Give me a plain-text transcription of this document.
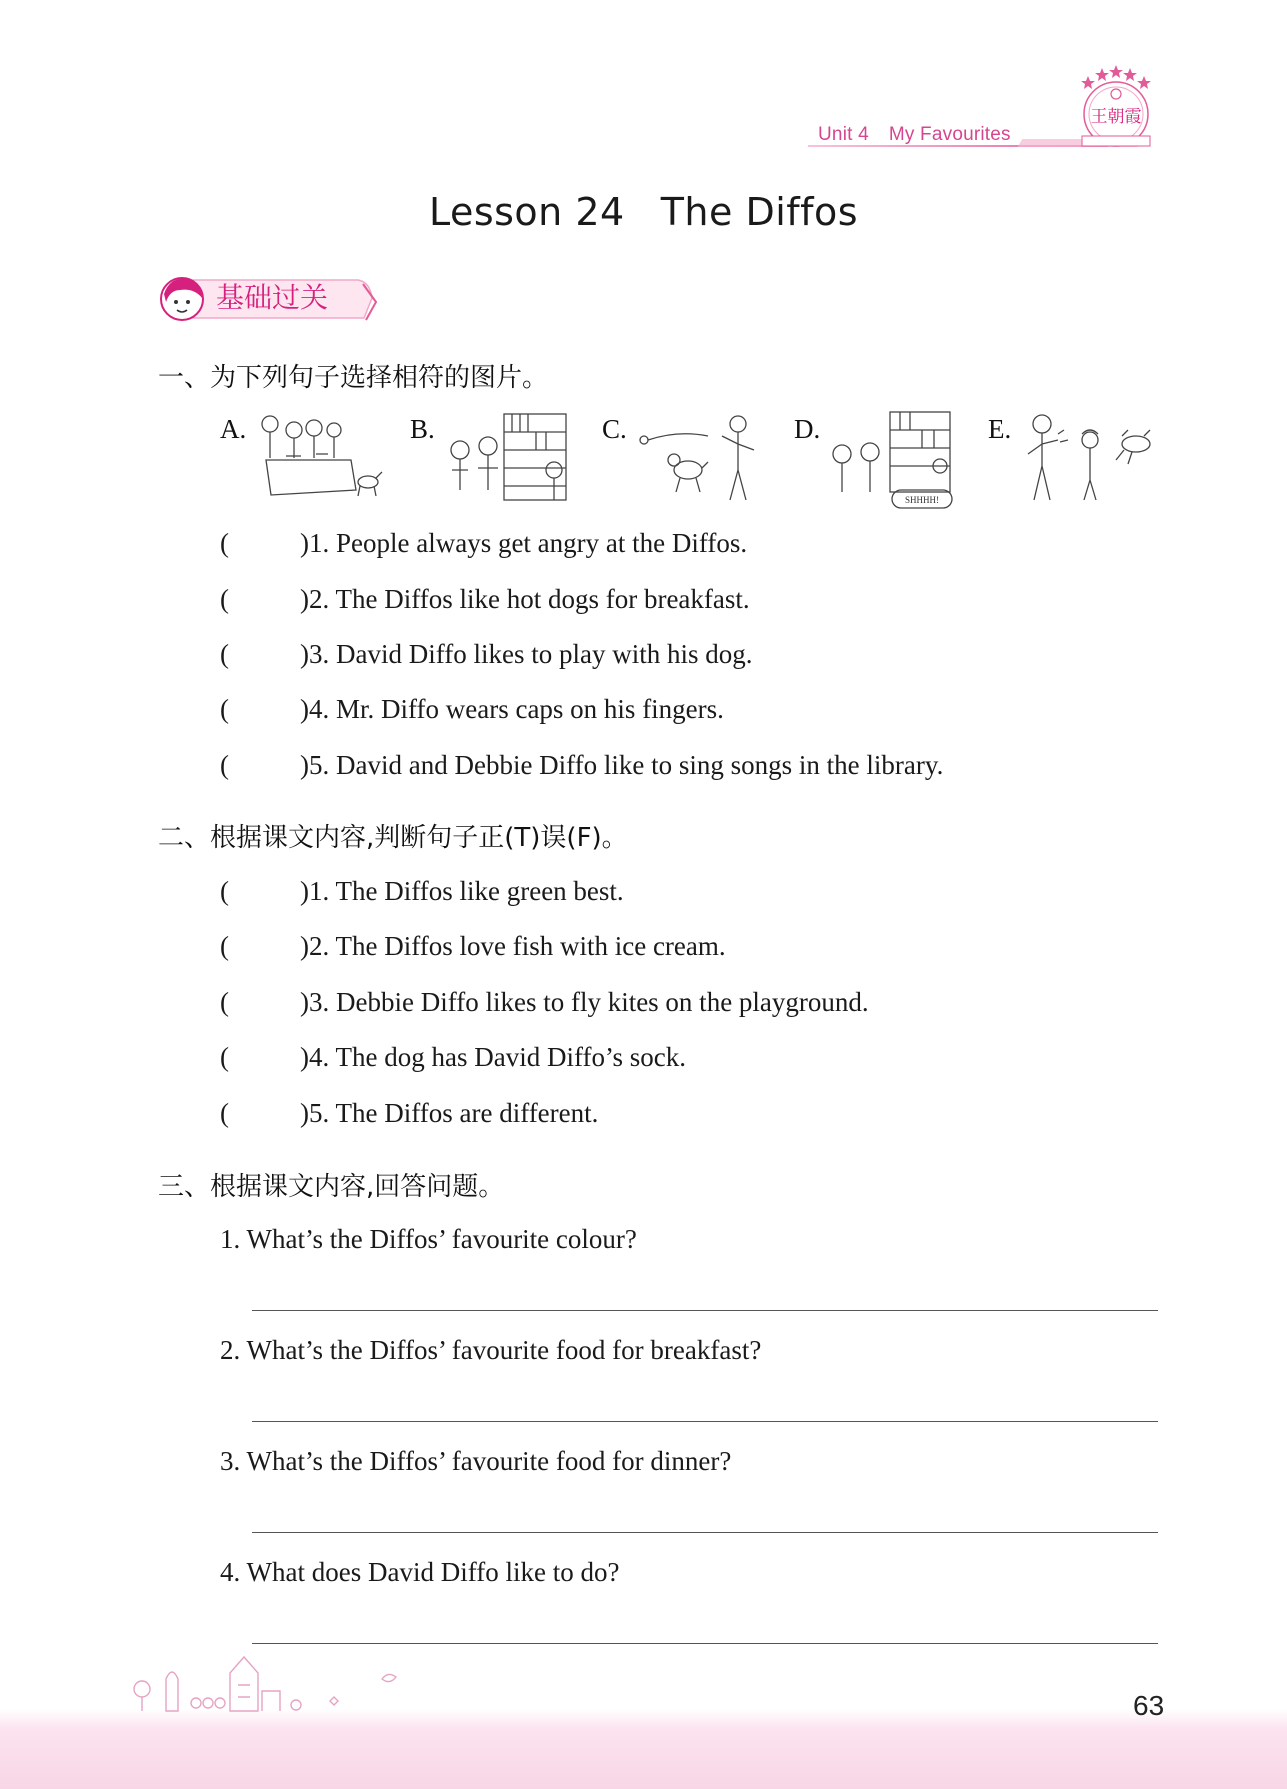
Unit 4 My Favourites
王朝霞
Lesson 24 The Diffos
基础过关
一、为下列句子选择相符的图片。
A.	B.	C.	D.
SHHHH!
E.
(	)1. People always get angry at the Diffos.
(	)2. The Diffos like hot dogs for breakfast.
(	)3. David Diffo likes to play with his dog.
(	)4. Mr. Diffo wears caps on his fingers.
(	)5. David and Debbie Diffo like to sing songs in the library.
二、根据课文内容,判断句子正(T)误(F)。
(	)1. The Diffos like green best.
(	)2. The Diffos love fish with ice cream.
(	)3. Debbie Diffo likes to fly kites on the playground.
(	)4. The dog has David Diffo’s sock.
(	)5. The Diffos are different.
三、根据课文内容,回答问题。
1. What’s the Diffos’ favourite colour?
2. What’s the Diffos’ favourite food for breakfast?
3. What’s the Diffos’ favourite food for dinner?
4. What does David Diffo like to do?
63
